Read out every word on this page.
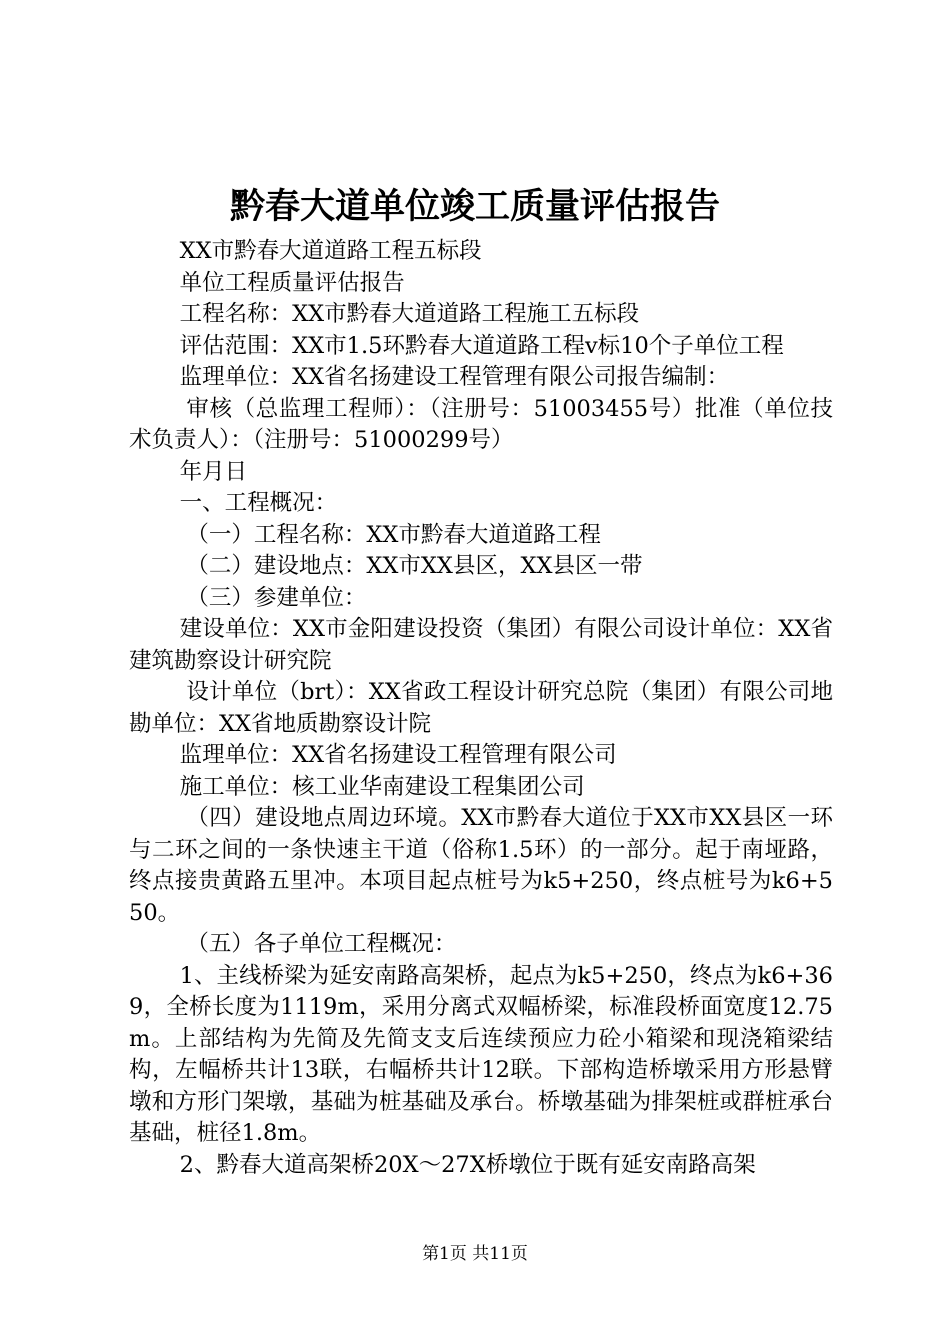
黔春大道单位竣工质量评估报告

XX市黔春大道道路工程五标段

单位工程质量评估报告

工程名称：XX市黔春大道道路工程施工五标段

评估范围：XX市1.5环黔春大道道路工程v标10个子单位工程

监理单位：XX省名扬建设工程管理有限公司报告编制：

审核（总监理工程师）：（注册号：51003455号）批准（单位技术负责人）：（注册号：51000299号）

年月日

一、工程概况：

（一）工程名称：XX市黔春大道道路工程

（二）建设地点：XX市XX县区，XX县区一带

（三）参建单位：

建设单位：XX市金阳建设投资（集团）有限公司设计单位：XX省建筑勘察设计研究院

设计单位（brt）：XX省政工程设计研究总院（集团）有限公司地勘单位：XX省地质勘察设计院

监理单位：XX省名扬建设工程管理有限公司

施工单位：核工业华南建设工程集团公司

（四）建设地点周边环境。XX市黔春大道位于XX市XX县区一环与二环之间的一条快速主干道（俗称1.5环）的一部分。起于南垭路，终点接贵黄路五里冲。本项目起点桩号为k5+250，终点桩号为k6+550。

（五）各子单位工程概况：

1、主线桥梁为延安南路高架桥，起点为k5+250，终点为k6+369，全桥长度为1119m，采用分离式双幅桥梁，标准段桥面宽度12.75m。上部结构为先简及先简支支后连续预应力砼小箱梁和现浇箱梁结构，左幅桥共计13联，右幅桥共计12联。下部构造桥墩采用方形悬臂墩和方形门架墩，基础为桩基础及承台。桥墩基础为排架桩或群桩承台基础，桩径1.8m。

2、黔春大道高架桥20X～27X桥墩位于既有延安南路高架

第1页 共11页
